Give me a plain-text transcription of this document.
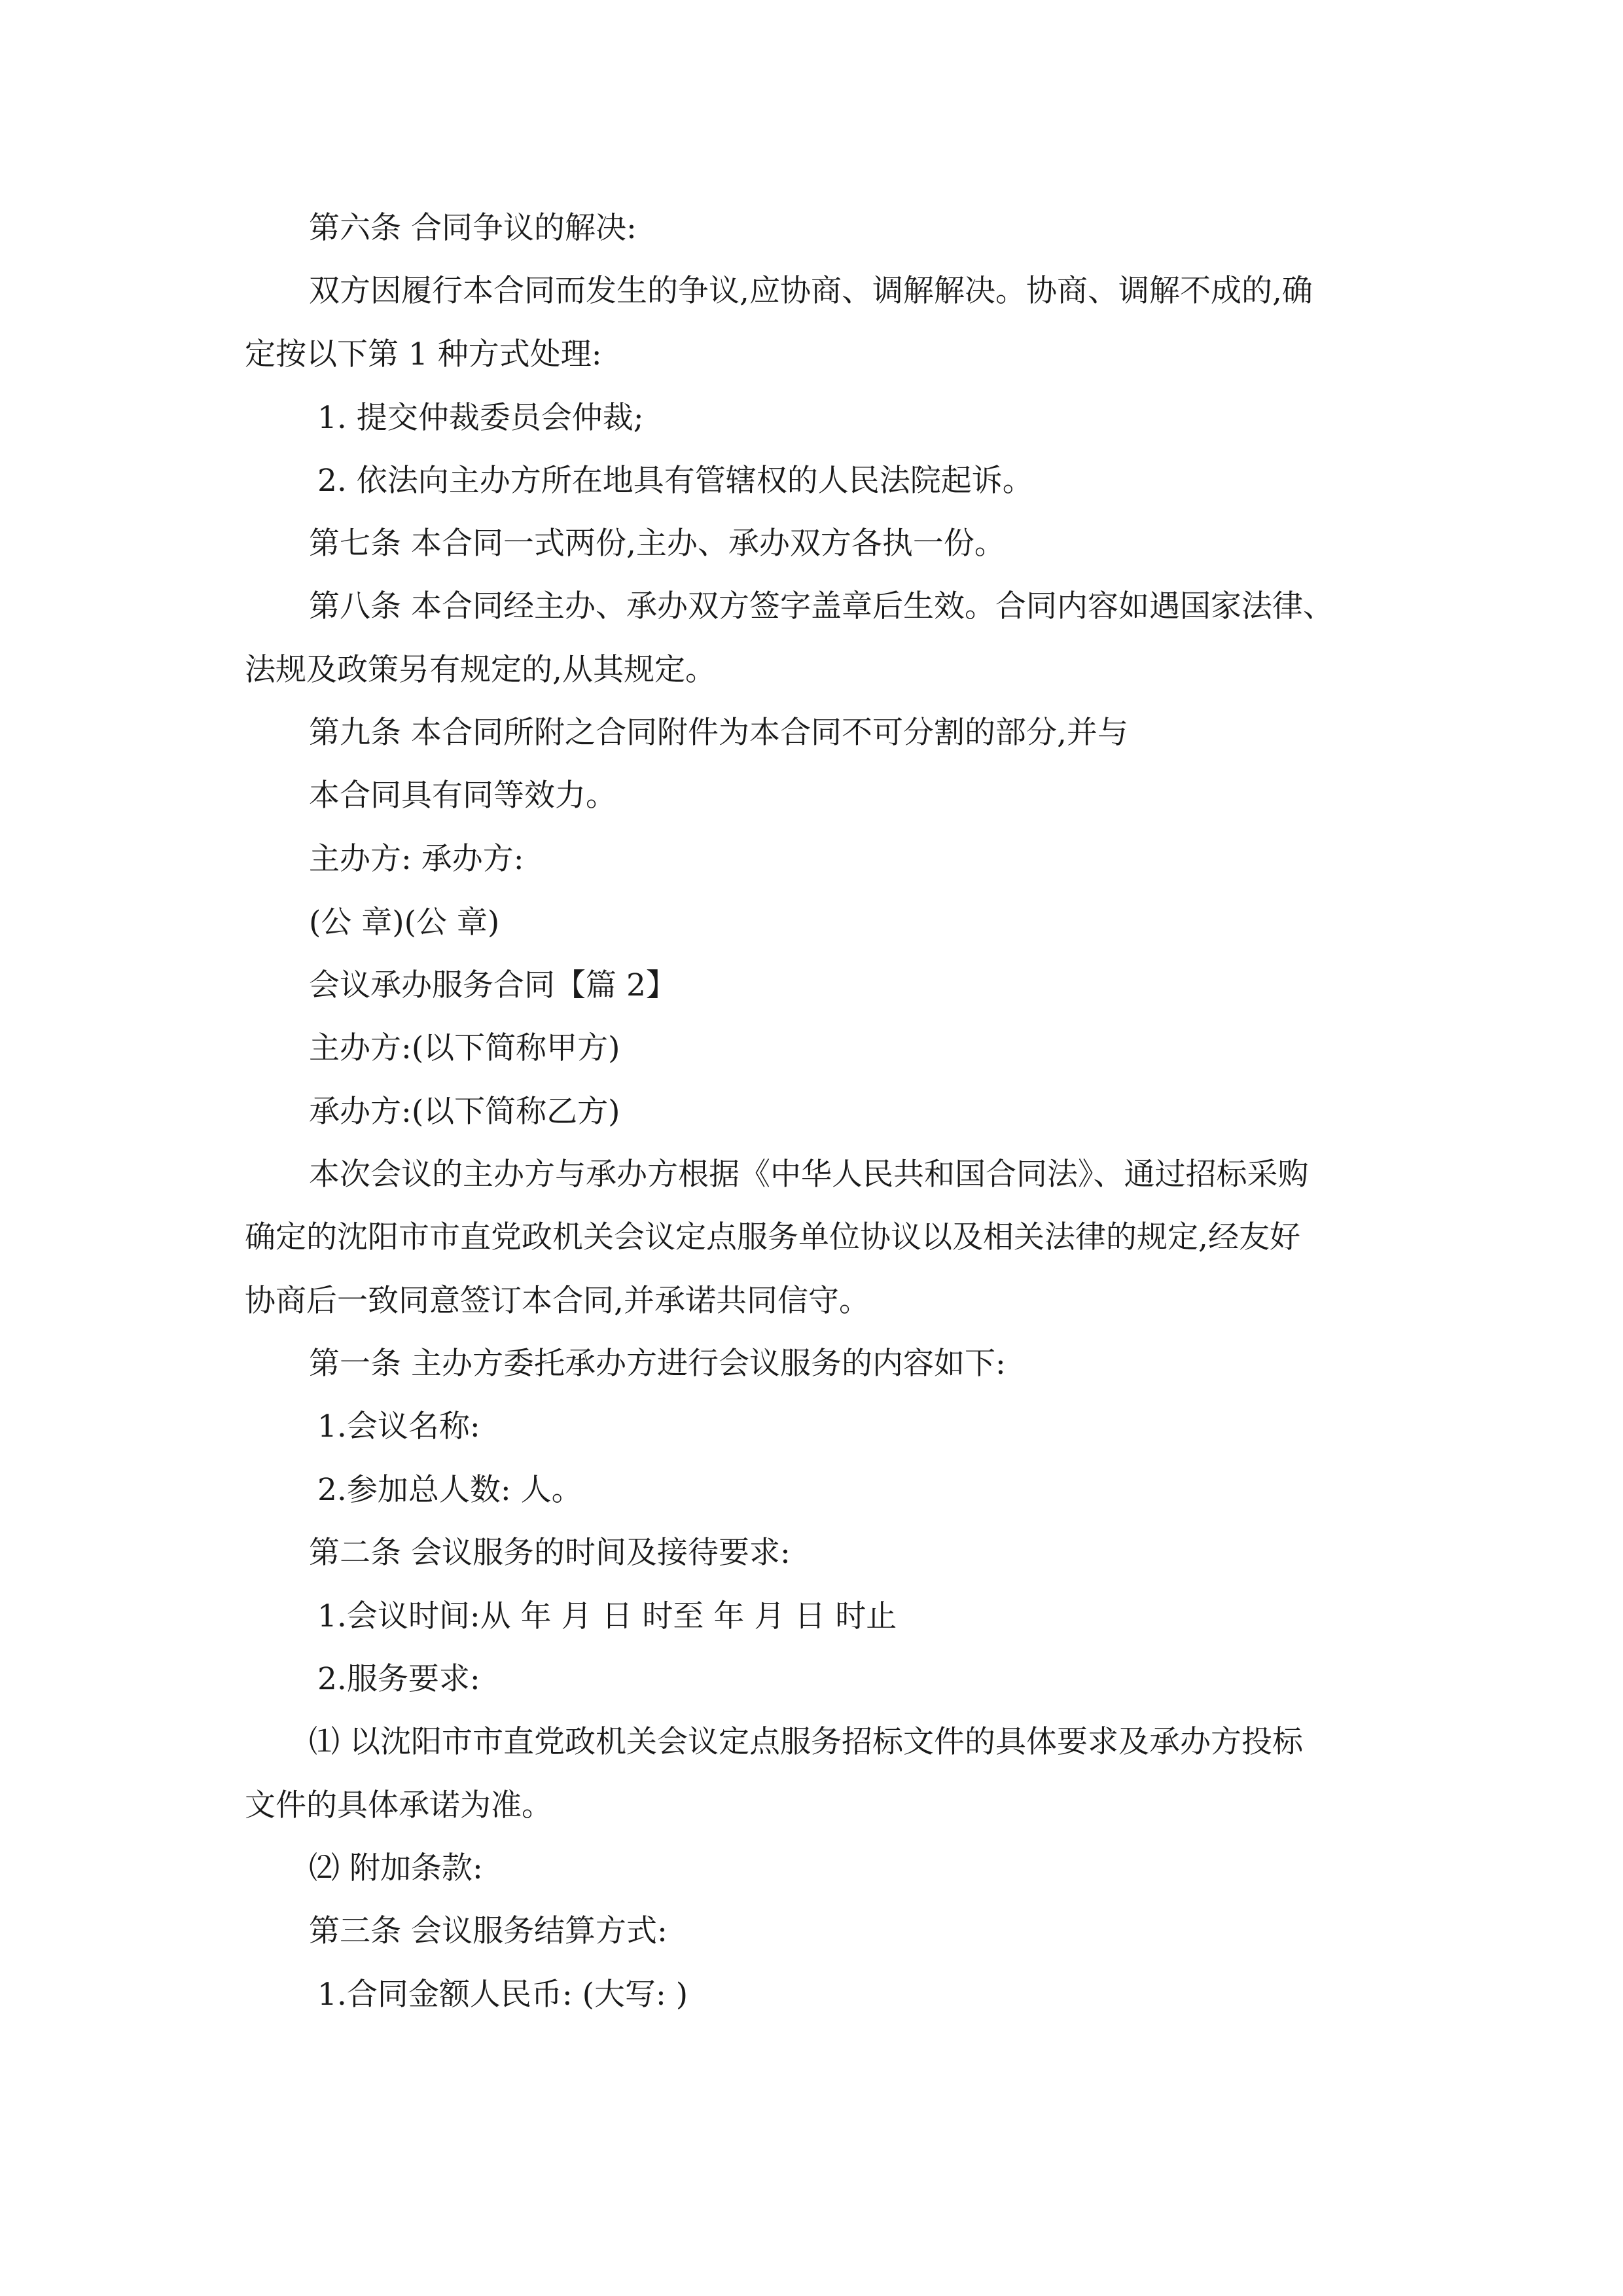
第六条 合同争议的解决:
双方因履行本合同而发生的争议,应协商、调解解决。协商、调解不成的,确
定按以下第 1 种方式处理:
1. 提交仲裁委员会仲裁;
2. 依法向主办方所在地具有管辖权的人民法院起诉。
第七条 本合同一式两份,主办、承办双方各执一份。
第八条 本合同经主办、承办双方签字盖章后生效。合同内容如遇国家法律、
法规及政策另有规定的,从其规定。
第九条 本合同所附之合同附件为本合同不可分割的部分,并与
本合同具有同等效力。
主办方: 承办方:
(公 章)(公 章)
会议承办服务合同【篇 2】
主办方:(以下简称甲方)
承办方:(以下简称乙方)
本次会议的主办方与承办方根据《中华人民共和国合同法》、通过招标采购
确定的沈阳市市直党政机关会议定点服务单位协议以及相关法律的规定,经友好
协商后一致同意签订本合同,并承诺共同信守。
第一条 主办方委托承办方进行会议服务的内容如下:
1.会议名称:
2.参加总人数: 人。
第二条 会议服务的时间及接待要求:
1.会议时间:从 年 月 日 时至 年 月 日 时止
2.服务要求:
⑴ 以沈阳市市直党政机关会议定点服务招标文件的具体要求及承办方投标
文件的具体承诺为准。
⑵ 附加条款:
第三条 会议服务结算方式:
1.合同金额人民币: (大写: )
